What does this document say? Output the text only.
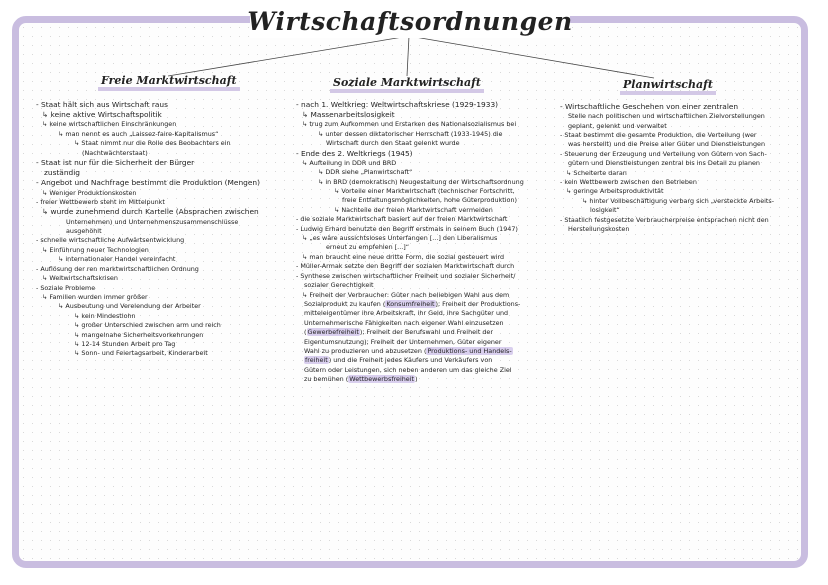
Wirtschaftsordnungen
Freie Marktwirtschaft	Soziale Marktwirtschaft	Planwirtschaft
- Staat hält sich aus Wirtschaft raus
↳ keine aktive Wirtschaftspolitik
↳ keine wirtschaftlichen Einschränkungen
↳ man nennt es auch „Laissez-faire-Kapitalismus“
↳ Staat nimmt nur die Rolle des Beobachters ein
(Nachtwächterstaat)
- Staat ist nur für die Sicherheit der Bürger
zuständig
- Angebot und Nachfrage bestimmt die Produktion (Mengen)
↳ Weniger Produktionskosten
- freier Wettbewerb steht im Mittelpunkt
↳ wurde zunehmend durch Kartelle (Absprachen zwischen
Unternehmen) und Unternehmenszusammenschlüsse
ausgehöhlt
- schnelle wirtschaftliche Aufwärtsentwicklung
↳ Einführung neuer Technologien
↳ internationaler Handel vereinfacht
- Auflösung der ren marktwirtschaftlichen Ordnung
↳ Weltwirtschaftskrisen
- Soziale Probleme
↳ Familien wurden immer größer
↳ Ausbeutung und Verelendung der Arbeiter
↳ kein Mindestlohn
↳ großer Unterschied zwischen arm und reich
↳ mangelnahe Sicherheitsvorkehrungen
↳ 12-14 Stunden Arbeit pro Tag
↳ Sonn- und Feiertagsarbeit, Kinderarbeit
- nach 1. Weltkrieg: Weltwirtschaftskriese (1929-1933)
↳ Massenarbeitslosigkeit
↳ trug zum Aufkommen und Erstarken des Nationalsozialismus bei
↳ unter dessen diktatorischer Herrschaft (1933-1945) die
Wirtschaft durch den Staat gelenkt wurde
- Ende des 2. Weltkriegs (1945)
↳ Aufteilung in DDR und BRD
↳ DDR siehe „Planwirtschaft“
↳ in BRD (demokratisch) Neugestaltung der Wirtschaftsordnung
↳ Vorteile einer Marktwirtschaft (technischer Fortschritt,
freie Entfaltungsmöglichkeiten, hohe Güterproduktion)
↳ Nachteile der freien Marktwirtschaft vermeiden
- die soziale Marktwirtschaft basiert auf der freien Marktwirtschaft
- Ludwig Erhard benutzte den Begriff erstmals in seinem Buch (1947)
↳ „es wäre aussichtsloses Unterfangen [...] den Liberalismus
erneut zu empfehlen [...]“
↳ man braucht eine neue dritte Form, die sozial gesteuert wird
- Müller-Armak setzte den Begriff der sozialen Marktwirtschaft durch
- Synthese zwischen wirtschaftlicher Freiheit und sozialer Sicherheit/
sozialer Gerechtigkeit
↳ Freiheit der Verbraucher: Güter nach beliebigen Wahl aus dem
Sozialprodukt zu kaufen (Konsumfreiheit); Freiheit der Produktions-
mitteleigentümer ihre Arbeitskraft, ihr Geld, ihre Sachgüter und
Unternehmerische Fähigkeiten nach eigener Wahl einzusetzen
(Gewerbefreiheit); Freiheit der Berufswahl und Freiheit der
Eigentumsnutzung); Freiheit der Unternehmen, Güter eigener
Wahl zu produzieren und abzusetzen (Produktions- und Handels-
freiheit) und die Freiheit jedes Käufers und Verkäufers von
Gütern oder Leistungen, sich neben anderen um das gleiche Ziel
zu bemühen (Wettbewerbsfreiheit)
- Wirtschaftliche Geschehen von einer zentralen
Stelle nach politischen und wirtschaftlichen Zielvorstellungen
geplant, gelenkt und verwaltet
- Staat bestimmt die gesamte Produktion, die Verteilung (wer
was herstellt) und die Preise aller Güter und Dienstleistungen
- Steuerung der Erzeugung und Verteilung von Gütern von Sach-
gütern und Dienstleistungen zentral bis ins Detail zu planen
↳ Scheiterte daran
- kein Wettbewerb zwischen den Betrieben
↳ geringe Arbeitsproduktivität
↳ hinter Vollbeschäftigung verbarg sich „versteckte Arbeits-
losigkeit“
- Staatlich festgesetzte Verbraucherpreise entsprachen nicht den
Herstellungskosten
